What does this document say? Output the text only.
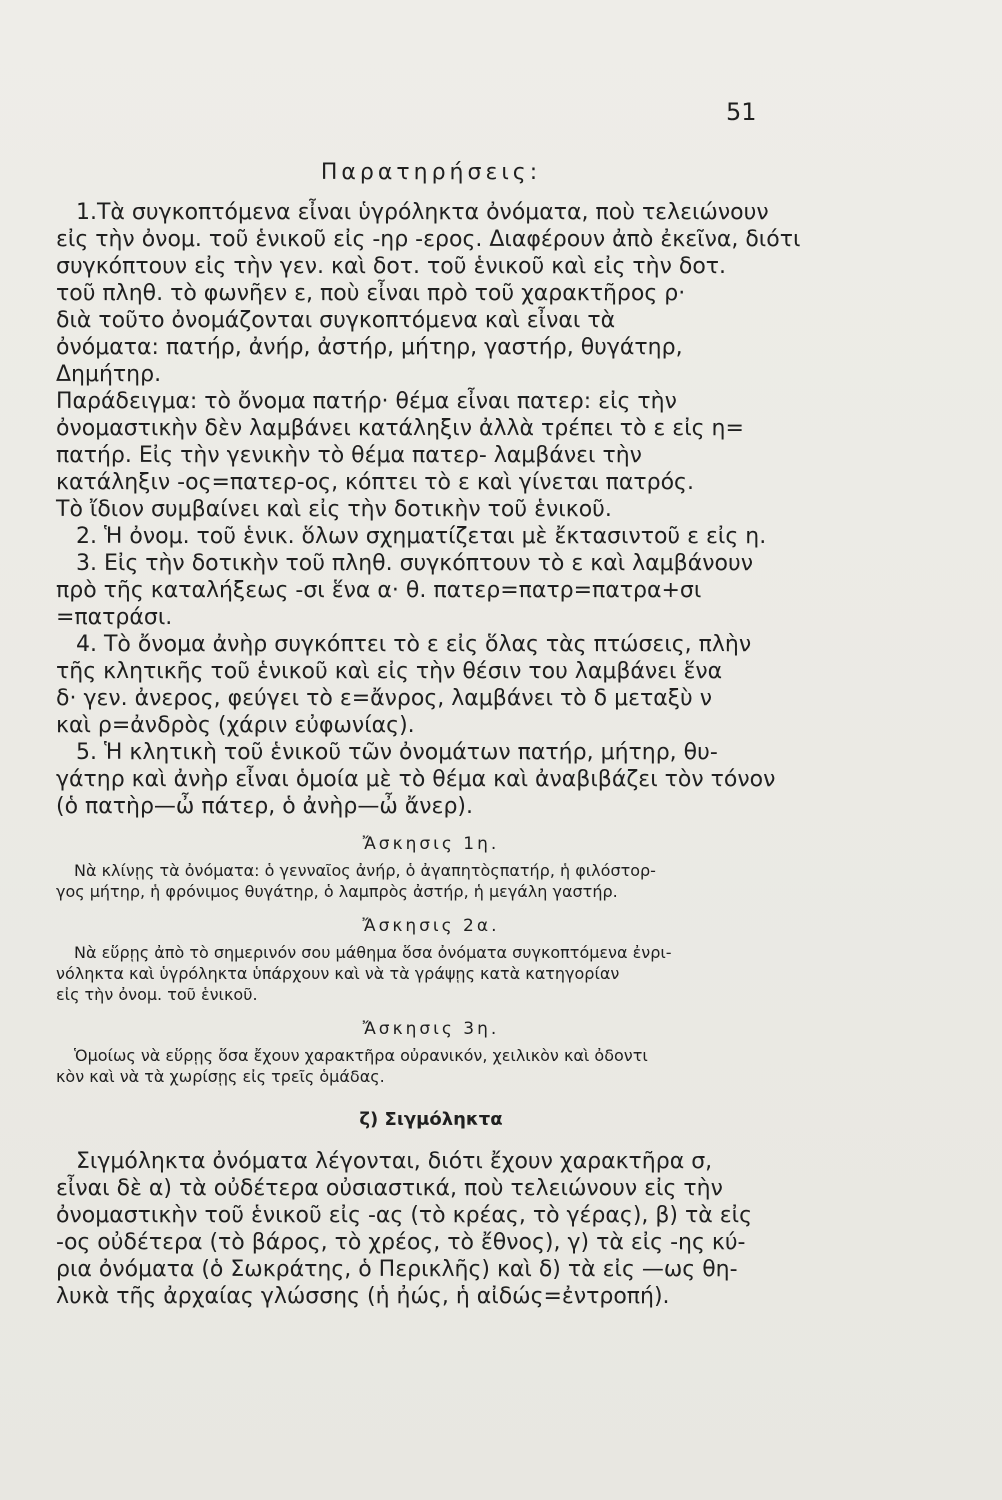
51
Παρατηρήσεις:
1.Τὰ συγκοπτόμενα εἶναι ὑγρόληκτα ὀνόματα, ποὺ τελειώνουν
εἰς τὴν ὀνομ. τοῦ ἑνικοῦ εἰς -ηρ -ερος. Διαφέρουν ἀπὸ ἐκεῖνα, διότι
συγκόπτουν εἰς τὴν γεν. καὶ δοτ. τοῦ ἑνικοῦ καὶ εἰς τὴν δοτ.
τοῦ πληθ. τὸ φωνῆεν ε, ποὺ εἶναι πρὸ τοῦ χαρακτῆρος ρ·
διὰ τοῦτο ὀνομάζονται συγκοπτόμενα καὶ εἶναι τὰ
ὀνόματα: πατήρ, ἀνήρ, ἀστήρ, μήτηρ, γαστήρ, θυγάτηρ,
Δημήτηρ.
Παράδειγμα: τὸ ὄνομα πατήρ· θέμα εἶναι πατερ: εἰς τὴν
ὀνομαστικὴν δὲν λαμβάνει κατάληξιν ἀλλὰ τρέπει τὸ ε εἰς η=
πατήρ. Εἰς τὴν γενικὴν τὸ θέμα πατερ- λαμβάνει τὴν
κατάληξιν -ος=πατερ-ος, κόπτει τὸ ε καὶ γίνεται πατρός.
Τὸ ἴδιον συμβαίνει καὶ εἰς τὴν δοτικὴν τοῦ ἑνικοῦ.
2. Ἡ ὀνομ. τοῦ ἑνικ. ὅλων σχηματίζεται μὲ ἔκτασιντοῦ ε εἰς η.
3. Εἰς τὴν δοτικὴν τοῦ πληθ. συγκόπτουν τὸ ε καὶ λαμβάνουν
πρὸ τῆς καταλήξεως -σι ἕνα α· θ. πατερ=πατρ=πατρα+σι
=πατράσι.
4. Τὸ ὄνομα ἀνὴρ συγκόπτει τὸ ε εἰς ὅλας τὰς πτώσεις, πλὴν
τῆς κλητικῆς τοῦ ἑνικοῦ καὶ εἰς τὴν θέσιν του λαμβάνει ἕνα
δ· γεν. ἀνερος, φεύγει τὸ ε=ἄνρος, λαμβάνει τὸ δ μεταξὺ ν
καὶ ρ=ἀνδρὸς (χάριν εὐφωνίας).
5. Ἡ κλητικὴ τοῦ ἑνικοῦ τῶν ὀνομάτων πατήρ, μήτηρ, θυ-
γάτηρ καὶ ἀνὴρ εἶναι ὁμοία μὲ τὸ θέμα καὶ ἀναβιβάζει τὸν τόνον
(ὁ πατὴρ—ὦ πάτερ, ὁ ἀνὴρ—ὦ ἄνερ).
Ἄσκησις 1η.
Νὰ κλίνῃς τὰ ὀνόματα: ὁ γενναῖος ἀνήρ, ὁ ἀγαπητὸςπατήρ, ἡ φιλόστορ-
γος μήτηρ, ἡ φρόνιμος θυγάτηρ, ὁ λαμπρὸς ἀστήρ, ἡ μεγάλη γαστήρ.
Ἄσκησις 2α.
Νὰ εὕρῃς ἀπὸ τὸ σημερινόν σου μάθημα ὅσα ὀνόματα συγκοπτόμενα ἐνρι-
νόληκτα καὶ ὑγρόληκτα ὑπάρχουν καὶ νὰ τὰ γράψῃς κατὰ κατηγορίαν
εἰς τὴν ὀνομ. τοῦ ἑνικοῦ.
Ἄσκησις 3η.
Ὁμοίως νὰ εὕρῃς ὅσα ἔχουν χαρακτῆρα οὐρανικόν, χειλικὸν καὶ ὀδοντι
κὸν καὶ νὰ τὰ χωρίσῃς εἰς τρεῖς ὁμάδας.
ζ) Σιγμόληκτα
Σιγμόληκτα ὀνόματα λέγονται, διότι ἔχουν χαρακτῆρα σ,
εἶναι δὲ α) τὰ οὐδέτερα οὐσιαστικά, ποὺ τελειώνουν εἰς τὴν
ὀνομαστικὴν τοῦ ἑνικοῦ εἰς -ας (τὸ κρέας, τὸ γέρας), β) τὰ εἰς
-ος οὐδέτερα (τὸ βάρος, τὸ χρέος, τὸ ἔθνος), γ) τὰ εἰς -ης κύ-
ρια ὀνόματα (ὁ Σωκράτης, ὁ Περικλῆς) καὶ δ) τὰ εἰς —ως θη-
λυκὰ τῆς ἀρχαίας γλώσσης (ἡ ἠώς, ἡ αἰδώς=ἐντροπή).
